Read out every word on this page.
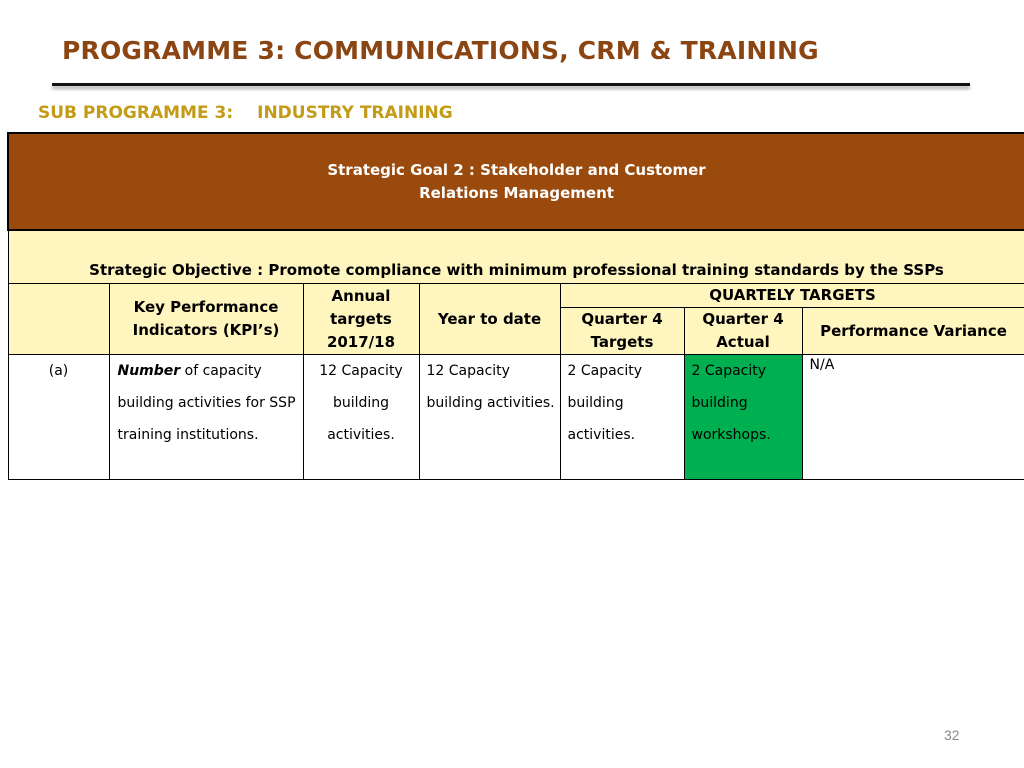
PROGRAMME 3: COMMUNICATIONS, CRM & TRAINING
SUB PROGRAMME 3: INDUSTRY TRAINING
Strategic Goal 2 : Stakeholder and Customer
Relations Management						

Strategic Objective : Promote compliance with minimum professional training standards by the SSPs						
	Key Performance Indicators (KPI’s)	Annual targets 2017/18	Year to date	QUARTELY TARGETS		
				Quarter 4 Targets	Quarter 4 Actual	Performance Variance
(a)	Number of capacity building activities for SSP training institutions.	12 Capacity building activities.	12 Capacity building activities.	2 Capacity building activities.	2 Capacity building workshops.	N/A
32
